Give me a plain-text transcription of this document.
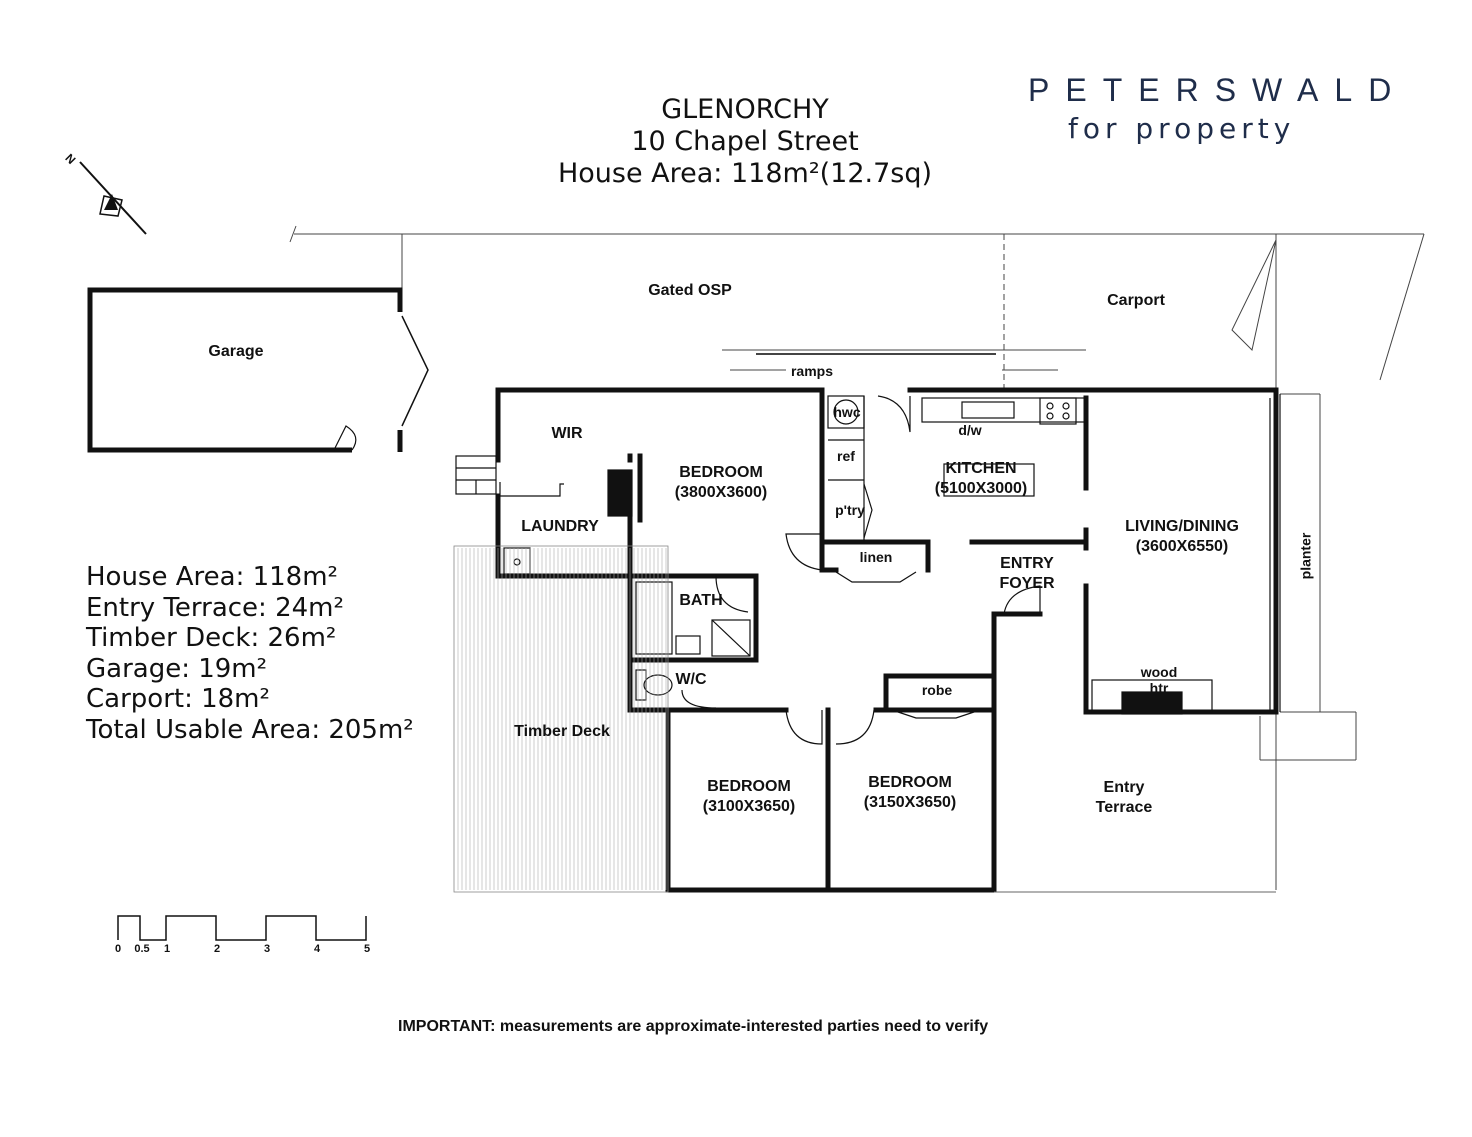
GLENORCHY
10 Chapel Street
House Area: 118m²(12.7sq)
PETERSWALD
for property
N
Garage
Gated OSP
Carport
ramps
WIR
LAUNDRY
BEDROOM
(3800X3600)
hwc
ref
p'try
d/w
KITCHEN
(5100X3000)
linen
LIVING/DINING
(3600X6550)
ENTRY
FOYER
planter
BATH
W/C
robe
wood
htr
Timber Deck
BEDROOM
(3100X3650)
BEDROOM
(3150X3650)
Entry
Terrace
House Area: 118m²
Entry Terrace: 24m²
Timber Deck: 26m²
Garage: 19m²
Carport: 18m²
Total Usable Area: 205m²
0 0.5 1	2	3	4	5
IMPORTANT: measurements are approximate-interested parties need to verify
